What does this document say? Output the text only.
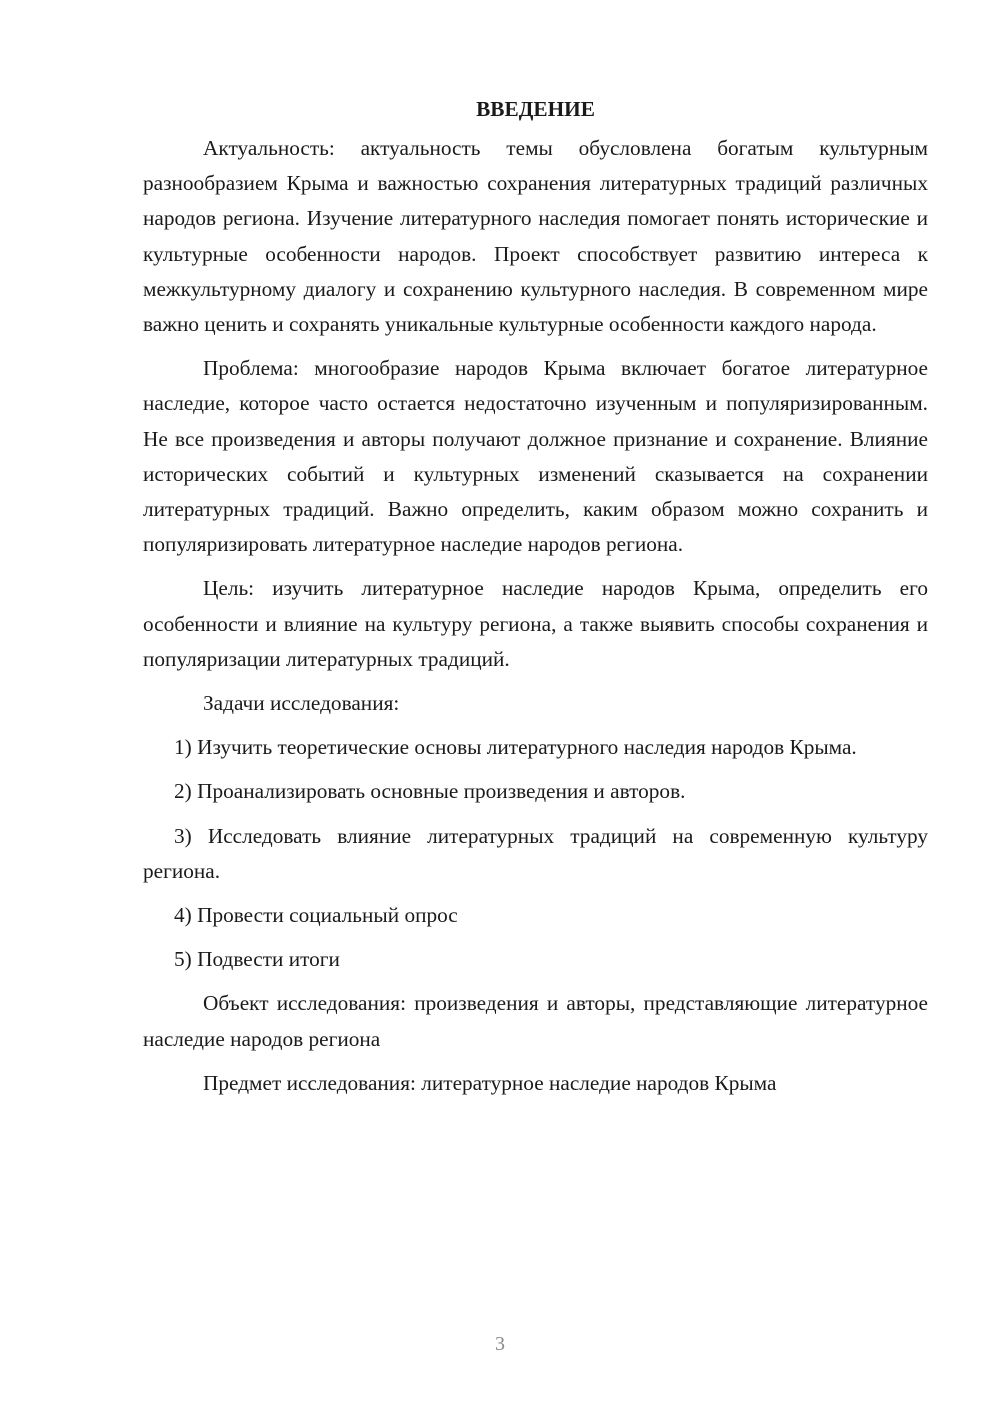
ВВЕДЕНИЕ

Актуальность: актуальность темы обусловлена богатым культурным разнообразием Крыма и важностью сохранения литературных традиций различных народов региона. Изучение литературного наследия помогает понять исторические и культурные особенности народов. Проект способствует развитию интереса к межкультурному диалогу и сохранению культурного наследия. В современном мире важно ценить и сохранять уникальные культурные особенности каждого народа.

Проблема: многообразие народов Крыма включает богатое литературное наследие, которое часто остается недостаточно изученным и популяризированным. Не все произведения и авторы получают должное признание и сохранение. Влияние исторических событий и культурных изменений сказывается на сохранении литературных традиций. Важно определить, каким образом можно сохранить и популяризировать литературное наследие народов региона.

Цель: изучить литературное наследие народов Крыма, определить его особенности и влияние на культуру региона, а также выявить способы сохранения и популяризации литературных традиций.

Задачи исследования:

1) Изучить теоретические основы литературного наследия народов Крыма.

2) Проанализировать основные произведения и авторов.

3) Исследовать влияние литературных традиций на современную культуру региона.

4) Провести социальный опрос

5) Подвести итоги

Объект исследования: произведения и авторы, представляющие литературное наследие народов региона

Предмет исследования: литературное наследие народов Крыма

3
